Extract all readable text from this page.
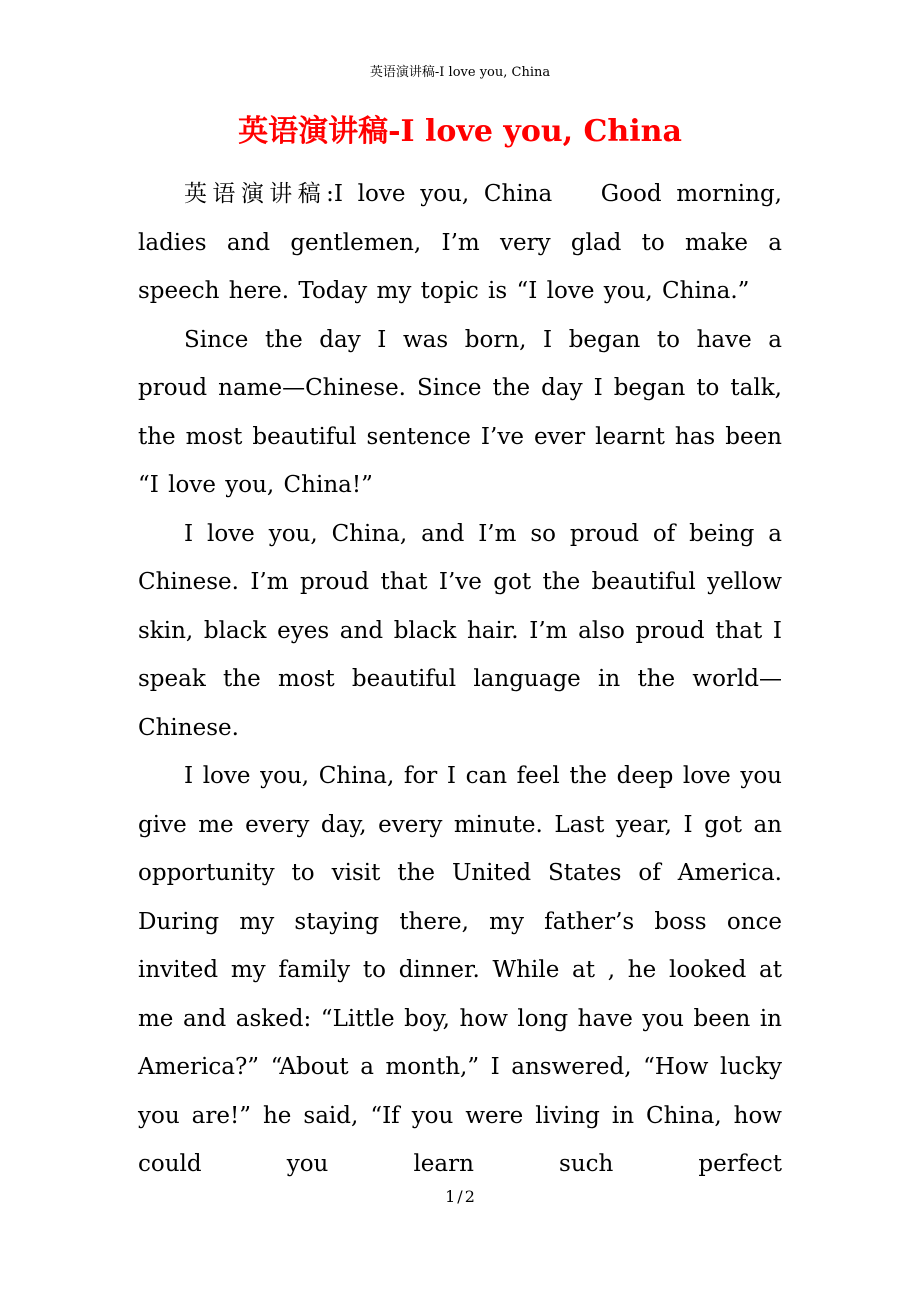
英语演讲稿-I love you, China
英语演讲稿-I love you, China

英语演讲稿:I love you, China　 Good morning, ladies and gentlemen, I’m very glad to make a speech here. Today my topic is “I love you, China.”

Since the day I was born, I began to have a proud name—Chinese. Since the day I began to talk, the most beautiful sentence I’ve ever learnt has been “I love you, China!”

I love you, China, and I’m so proud of being a Chinese. I’m proud that I’ve got the beautiful yellow skin, black eyes and black hair. I’m also proud that I speak the most beautiful language in the world—Chinese.

I love you, China, for I can feel the deep love you give me every day, every minute. Last year, I got an opportunity to visit the United States of America. During my staying there, my father’s boss once invited my family to dinner. While at , he looked at me and asked: “Little boy, how long have you been in America?” “About a month,” I answered, “How lucky you are!” he said, “If you were living in China, how could you learn such perfect

1 / 2
